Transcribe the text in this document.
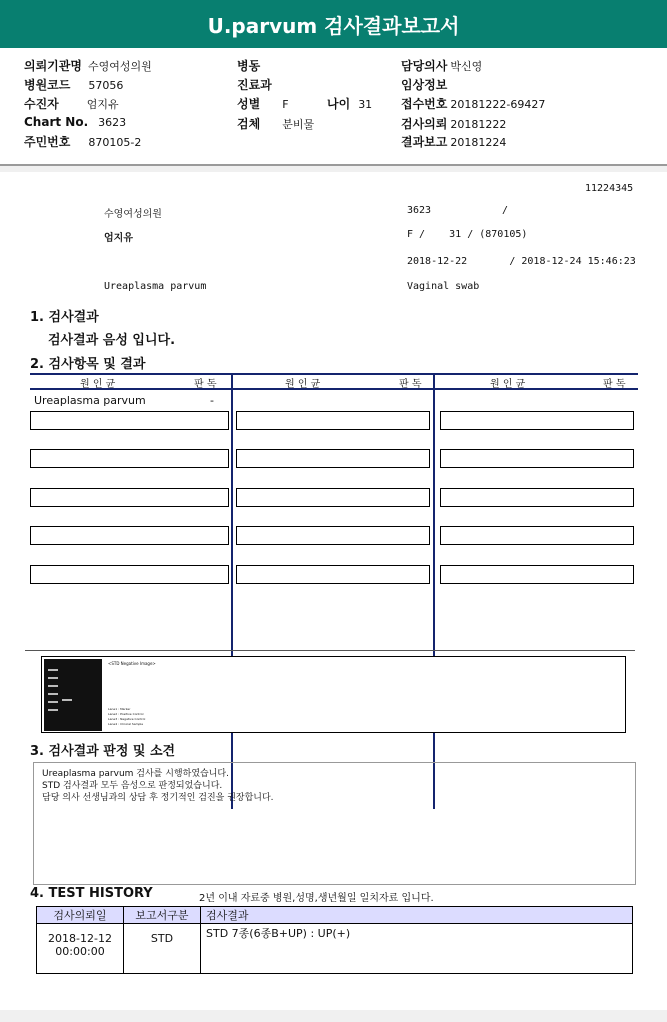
U.parvum 검사결과보고서
의뢰기관명 수영여성의원
병원코드 57056
수진자	엄지유
Chart No. 3623
주민번호 870105-2
병동
진료과
성별 F	나이 31
검체 분비물
담당의사 박신영
임상정보
접수번호 20181222-69427
검사의뢰 20181222
결과보고 20181224
11224345
수영여성의원	3623	/
엄지유	F /    31 / (870105)
2018-12-22       / 2018-12-24 15:46:23
Ureaplasma parvum	Vaginal swab
1. 검사결과
검사결과 음성 입니다.
2. 검사항목 및 결과
원 인 균	판 독	원 인 균	판 독	원 인 균	판 독
Ureaplasma parvum	-
<STD Negative Image>
Lane1 : Marker
Lane2 : Positive Control
Lane3 : Negative Control
Lane4 : Clinical Sample
3. 검사결과 판정 및 소견
Ureaplasma parvum 검사를 시행하였습니다.
STD 검사결과 모두 음성으로 판정되었습니다.
담당 의사 선생님과의 상담 후 정기적인 검진을 권장합니다.
4. TEST HISTORY	2년 이내 자료중 병원,성명,생년월일 일치자료 입니다.
검사의뢰일	보고서구분	검사결과

2018-12-12
00:00:00	STD	STD 7종(6종B+UP) : UP(+)
